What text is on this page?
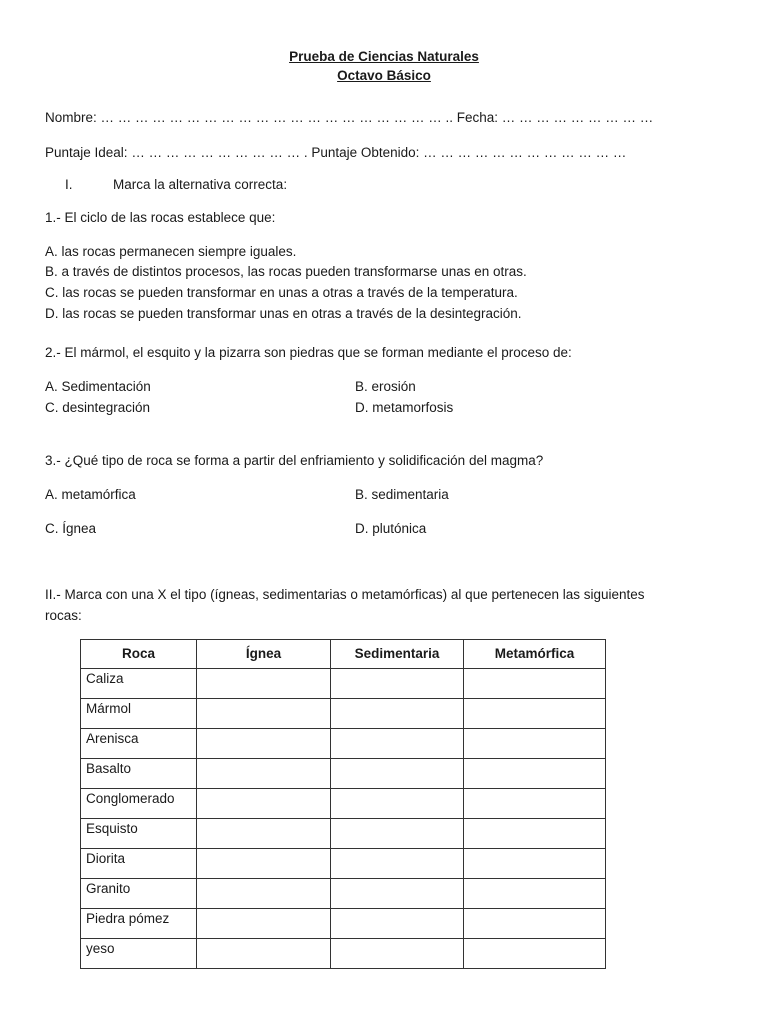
Prueba de Ciencias Naturales
Octavo Básico
Nombre: … … … … … … … … … … … … … … … … … … … … .. Fecha: … … … … … … … … …
Puntaje Ideal: … … … … … … … … … … . Puntaje Obtenido: … … … … … … … … … … … …
I.	Marca la alternativa correcta:
1.- El ciclo de las rocas establece que:
A. las rocas permanecen siempre iguales.
B. a través de distintos procesos, las rocas pueden transformarse unas en otras.
C. las rocas se pueden transformar en unas a otras a través de la temperatura.
D. las rocas se pueden transformar unas en otras a través de la desintegración.
2.- El mármol, el esquito y la pizarra son piedras que se forman mediante el proceso de:
A. Sedimentación	B. erosión
C. desintegración	D. metamorfosis
3.- ¿Qué tipo de roca se forma a partir del enfriamiento y solidificación del magma?
A. metamórfica	B. sedimentaria
C. Ígnea	D. plutónica
II.- Marca con una X el tipo (ígneas, sedimentarias o metamórficas) al que pertenecen las siguientes
rocas:
Roca	Ígnea	Sedimentaria	Metamórfica
Caliza			
Mármol			
Arenisca			
Basalto			
Conglomerado			
Esquisto			
Diorita			
Granito			
Piedra pómez			
yeso			
